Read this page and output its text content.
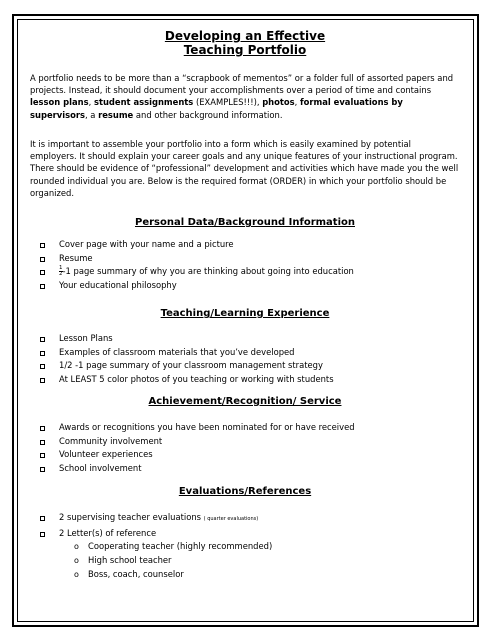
Developing an Effective
Teaching Portfolio

A portfolio needs to be more than a “scrapbook of mementos” or a folder full of assorted papers and projects. Instead, it should document your accomplishments over a period of time and contains lesson plans, student assignments (EXAMPLES!!!), photos, formal evaluations by supervisors, a resume and other background information.

It is important to assemble your portfolio into a form which is easily examined by potential employers. It should explain your career goals and any unique features of your instructional program. There should be evidence of “professional” development and activities which have made you the well rounded individual you are. Below is the required format (ORDER) in which your portfolio should be organized.

Personal Data/Background Information
Cover page with your name and a picture
Resume
$\frac{1}{2} -1$ page summary of why you are thinking about going into education
Your educational philosophy
Teaching/Learning Experience
Lesson Plans
Examples of classroom materials that you’ve developed
1/2 -1 page summary of your classroom management strategy
At LEAST 5 color photos of you teaching or working with students
Achievement/Recognition/ Service
Awards or recognitions you have been nominated for or have received
Community involvement
Volunteer experiences
School involvement
Evaluations/References
2 supervising teacher evaluations ( quarter evaluations)
2 Letter(s) of reference
o Cooperating teacher (highly recommended)
o High school teacher
o Boss, coach, counselor
